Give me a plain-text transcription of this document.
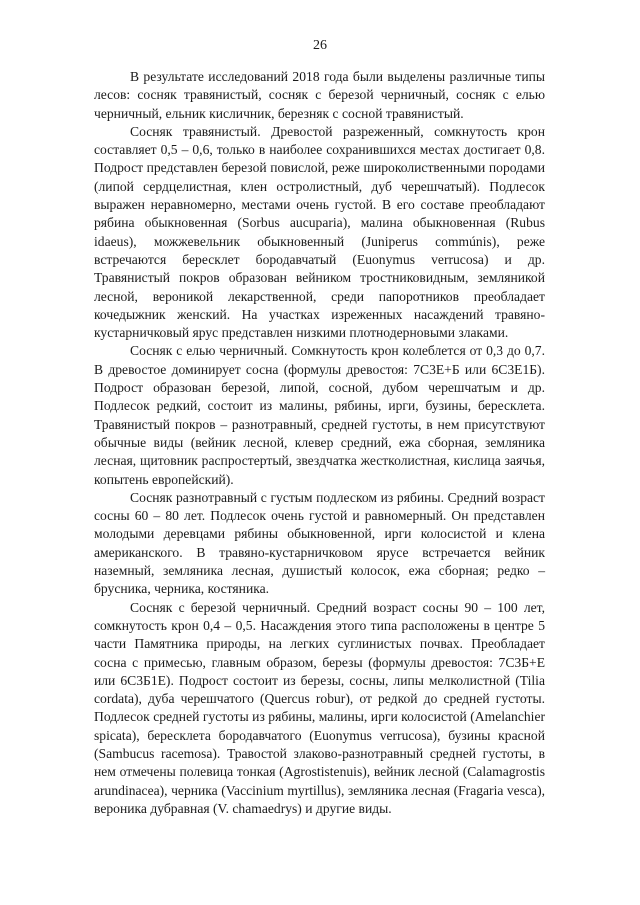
26

В результате исследований 2018 года были выделены различные типы лесов: сосняк травянистый, сосняк с березой черничный, сосняк с елью черничный, ельник кисличник, березняк с сосной травянистый.

Сосняк травянистый. Древостой разреженный, сомкнутость крон составляет 0,5 – 0,6, только в наиболее сохранившихся местах достигает 0,8. Подрост представлен березой повислой, реже широколиственными породами (липой сердцелистная, клен остролистный, дуб черешчатый). Подлесок выражен неравномерно, местами очень густой. В его составе преобладают рябина обыкновенная (Sorbus aucuparia), малина обыкновенная (Rubus idaeus), можжевельник обыкновенный (Juniperus commúnis), реже встречаются бересклет бородавчатый (Euonymus verrucosa) и др. Травянистый покров образован вейником тростниковидным, земляникой лесной, вероникой лекарственной, среди папоротников преобладает кочедыжник женский. На участках изреженных насаждений травяно-кустарничковый ярус представлен низкими плотнодерновыми злаками.

Сосняк с елью черничный. Сомкнутость крон колеблется от 0,3 до 0,7. В древостое доминирует сосна (формулы древостоя: 7С3Е+Б или 6С3Е1Б). Подрост образован березой, липой, сосной, дубом черешчатым и др. Подлесок редкий, состоит из малины, рябины, ирги, бузины, бересклета. Травянистый покров – разнотравный, средней густоты, в нем присутствуют обычные виды (вейник лесной, клевер средний, ежа сборная, земляника лесная, щитовник распростертый, звездчатка жестколистная, кислица заячья, копытень европейский).

Сосняк разнотравный с густым подлеском из рябины. Средний возраст сосны 60 – 80 лет. Подлесок очень густой и равномерный. Он представлен молодыми деревцами рябины обыкновенной, ирги колосистой и клена американского. В травяно-кустарничковом ярусе встречается вейник наземный, земляника лесная, душистый колосок, ежа сборная; редко – брусника, черника, костяника.

Сосняк с березой черничный. Средний возраст сосны 90 – 100 лет, сомкнутость крон 0,4 – 0,5. Насаждения этого типа расположены в центре 5 части Памятника природы, на легких суглинистых почвах. Преобладает сосна с примесью, главным образом, березы (формулы древостоя: 7С3Б+Е или 6С3Б1Е). Подрост состоит из березы, сосны, липы мелколистной (Tilia cordata), дуба черешчатого (Quercus robur), от редкой до средней густоты. Подлесок средней густоты из рябины, малины, ирги колосистой (Amelanchier spicata), бересклета бородавчатого (Euonymus verrucosa), бузины красной (Sambucus racemosa). Травостой злаково-разнотравный средней густоты, в нем отмечены полевица тонкая (Agrostistenuis), вейник лесной (Calamagrostis arundinacea), черника (Vaccinium myrtillus), земляника лесная (Fragaria vesca), вероника дубравная (V. chamaedrys) и другие виды.
